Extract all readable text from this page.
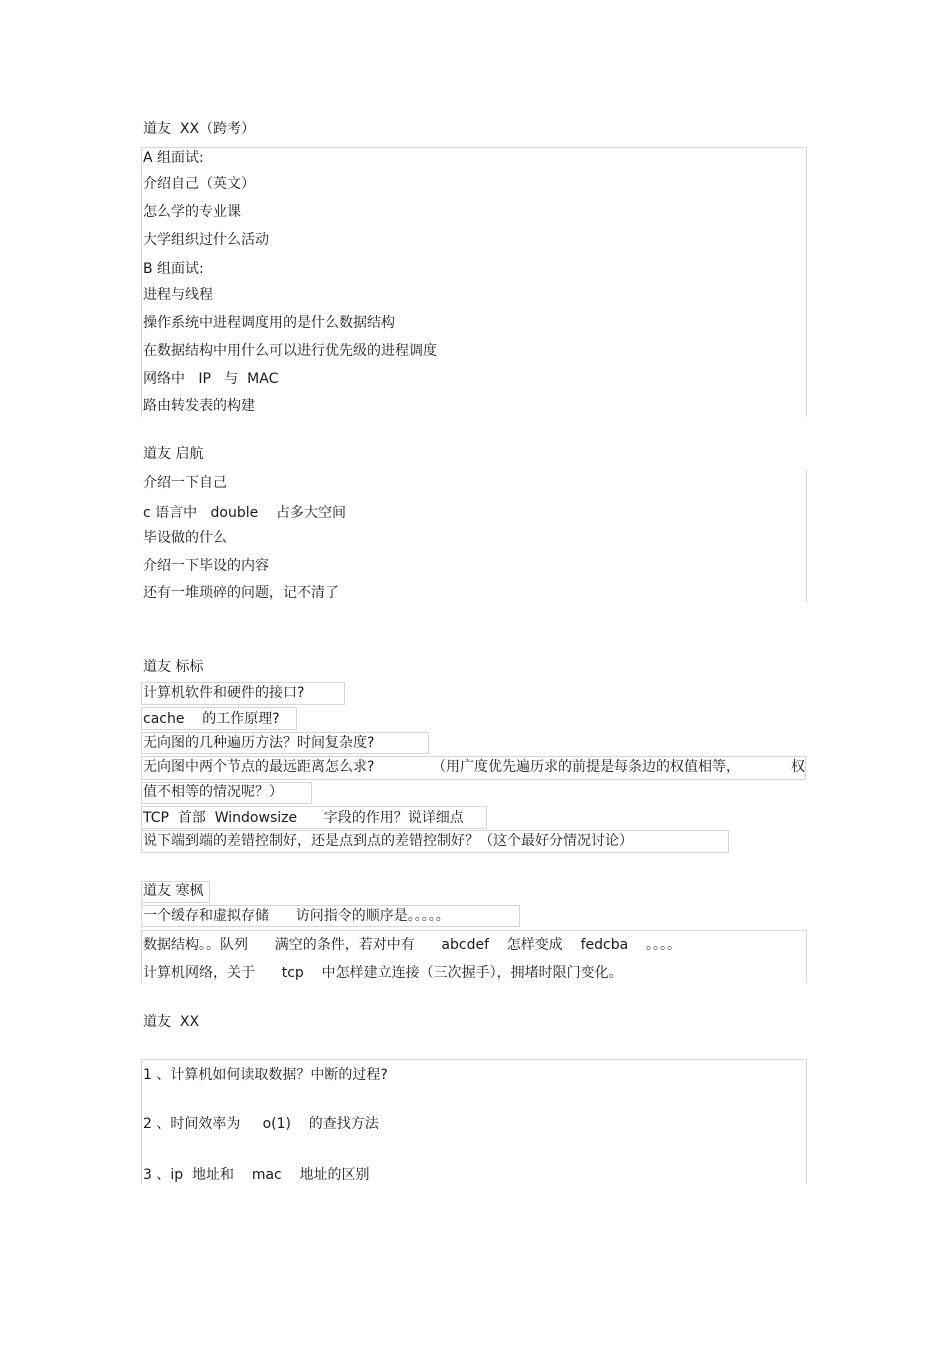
道友  XX（跨考）
A 组面试:
介绍自己（英文）
怎么学的专业课
大学组织过什么活动
B 组面试:
进程与线程
操作系统中进程调度用的是什么数据结构
在数据结构中用什么可以进行优先级的进程调度
网络中   IP   与  MAC
路由转发表的构建
道友 启航
介绍一下自己
c 语言中   double    占多大空间
毕设做的什么
介绍一下毕设的内容
还有一堆琐碎的问题，记不清了
道友 标标
计算机软件和硬件的接口?
cache    的工作原理?
无向图的几种遍历方法？时间复杂度?
无向图中两个节点的最远距离怎么求?	（用广度优先遍历求的前提是每条边的权值相等，	权
值不相等的情况呢？）
TCP  首部  Windowsize      字段的作用？说详细点
说下端到端的差错控制好，还是点到点的差错控制好？（这个最好分情况讨论）
道友 寒枫
一个缓存和虚拟存储      访问指令的顺序是。。。。。
数据结构。。队列      满空的条件，若对中有      abcdef    怎样变成    fedcba    。。。。
计算机网络，关于      tcp    中怎样建立连接（三次握手），拥堵时限门变化。
道友  XX
1 、计算机如何读取数据？中断的过程?
2 、时间效率为     o(1)    的查找方法
3 、ip  地址和    mac    地址的区别
